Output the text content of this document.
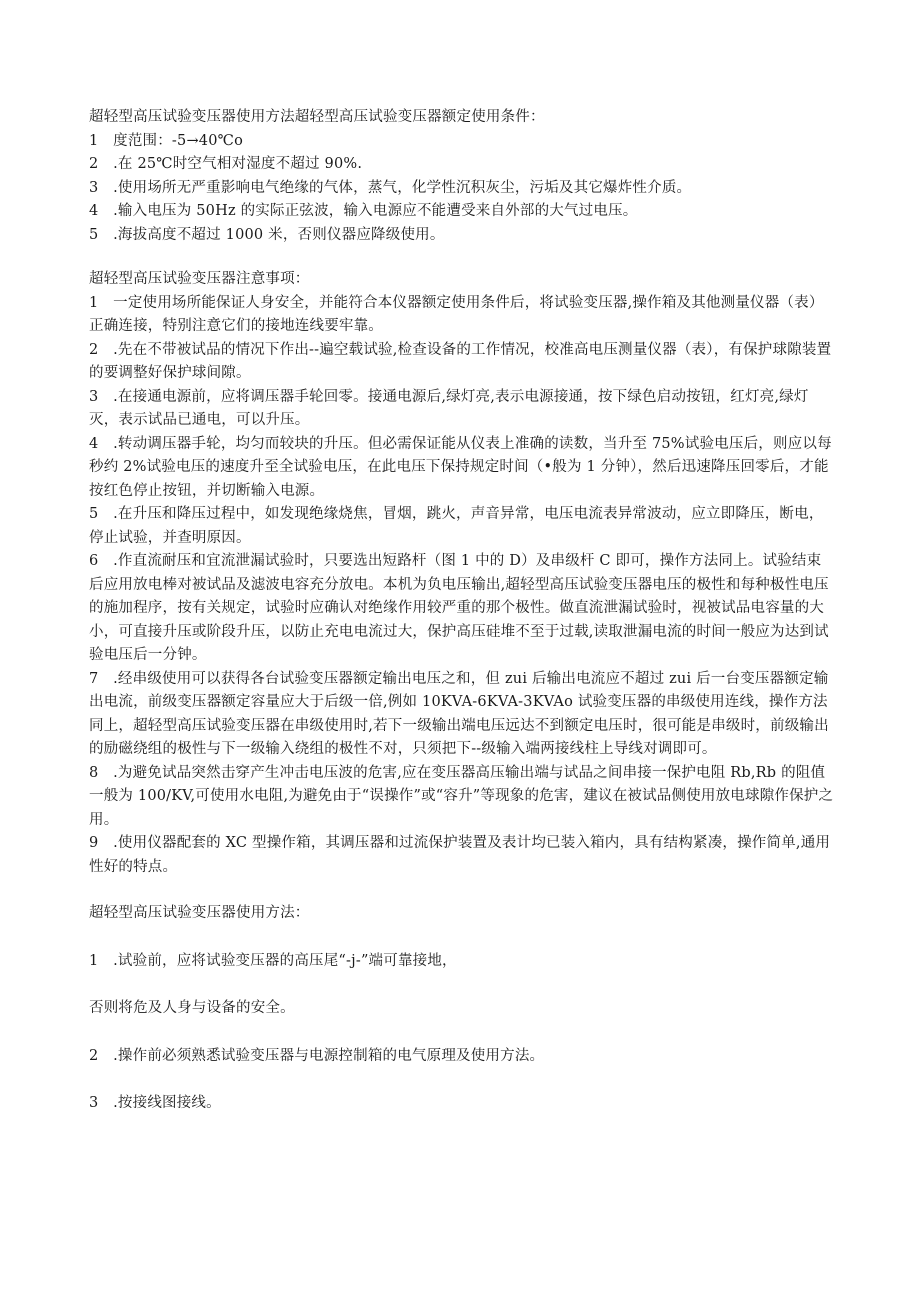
超轻型高压试验变压器使用方法超轻型高压试验变压器额定使用条件：

1　度范围：-5→40℃o

2　.在 25℃时空气相对湿度不超过 90%.

3　.使用场所无严重影响电气绝缘的气体，蒸气，化学性沉积灰尘，污垢及其它爆炸性介质。

4　.输入电压为 50Hz 的实际正弦波，输入电源应不能遭受来自外部的大气过电压。

5　.海拔高度不超过 1000 米，否则仪器应降级使用。

超轻型高压试验变压器注意事项：

1　一定使用场所能保证人身安全，并能符合本仪器额定使用条件后，将试验变压器,操作箱及其他测量仪器（表）正确连接，特别注意它们的接地连线要牢靠。

2　.先在不带被试品的情况下作出--遍空载试验,检查设备的工作情况，校准高电压测量仪器（表），有保护球隙装置的要调整好保护球间隙。

3　.在接通电源前，应将调压器手轮回零。接通电源后,绿灯亮,表示电源接通，按下绿色启动按钮，红灯亮,绿灯灭，表示试品已通电，可以升压。

4　.转动调压器手轮，均匀而较块的升压。但必需保证能从仪表上准确的读数，当升至 75%试验电压后，则应以每秒约 2%试验电压的速度升至全试验电压，在此电压下保持规定时间（•般为 1 分钟），然后迅速降压回零后，才能按红色停止按钮，并切断输入电源。

5　.在升压和降压过程中，如发现绝缘烧焦，冒烟，跳火，声音异常，电压电流表异常波动，应立即降压，断电，停止试验，并查明原因。

6　.作直流耐压和宜流泄漏试验时，只要选出短路杆（图 1 中的 D）及串级杆 C 即可，操作方法同上。试验结束后应用放电棒对被试品及滤波电容充分放电。本机为负电压输出,超轻型高压试验变压器电压的极性和每种极性电压的施加程序，按有关规定，试验时应确认对绝缘作用较严重的那个极性。做直流泄漏试验时，视被试品电容量的大小，可直接升压或阶段升压，以防止充电电流过大，保护高压硅堆不至于过载,读取泄漏电流的时间一般应为达到试验电压后一分钟。

7　.经串级使用可以获得各台试验变压器额定输出电压之和，但 zui 后输出电流应不超过 zui 后一台变压器额定输出电流，前级变压器额定容量应大于后级一倍,例如 10KVA-6KVA-3KVAo 试验变压器的串级使用连线，操作方法同上，超轻型高压试验变压器在串级使用时,若下一级输出端电压远达不到额定电压时，很可能是串级时，前级输出的励磁绕组的极性与下一级输入绕组的极性不对，只须把下--级输入端两接线柱上导线对调即可。

8　.为避免试品突然击穿产生冲击电压波的危害,应在变压器高压输出端与试品之间串接一保护电阻 Rb,Rb 的阻值一般为 100/KV,可使用水电阻,为避免由于“误操作”或“容升”等现象的危害，建议在被试品侧使用放电球隙作保护之用。

9　.使用仪器配套的 XC 型操作箱，其调压器和过流保护装置及表计均已装入箱内，具有结构紧凑，操作简单,通用性好的特点。

超轻型高压试验变压器使用方法：

1　.试验前，应将试验变压器的高压尾“-j-”端可靠接地，

否则将危及人身与设备的安全。

2　.操作前必须熟悉试验变压器与电源控制箱的电气原理及使用方法。

3　.按接线图接线。
